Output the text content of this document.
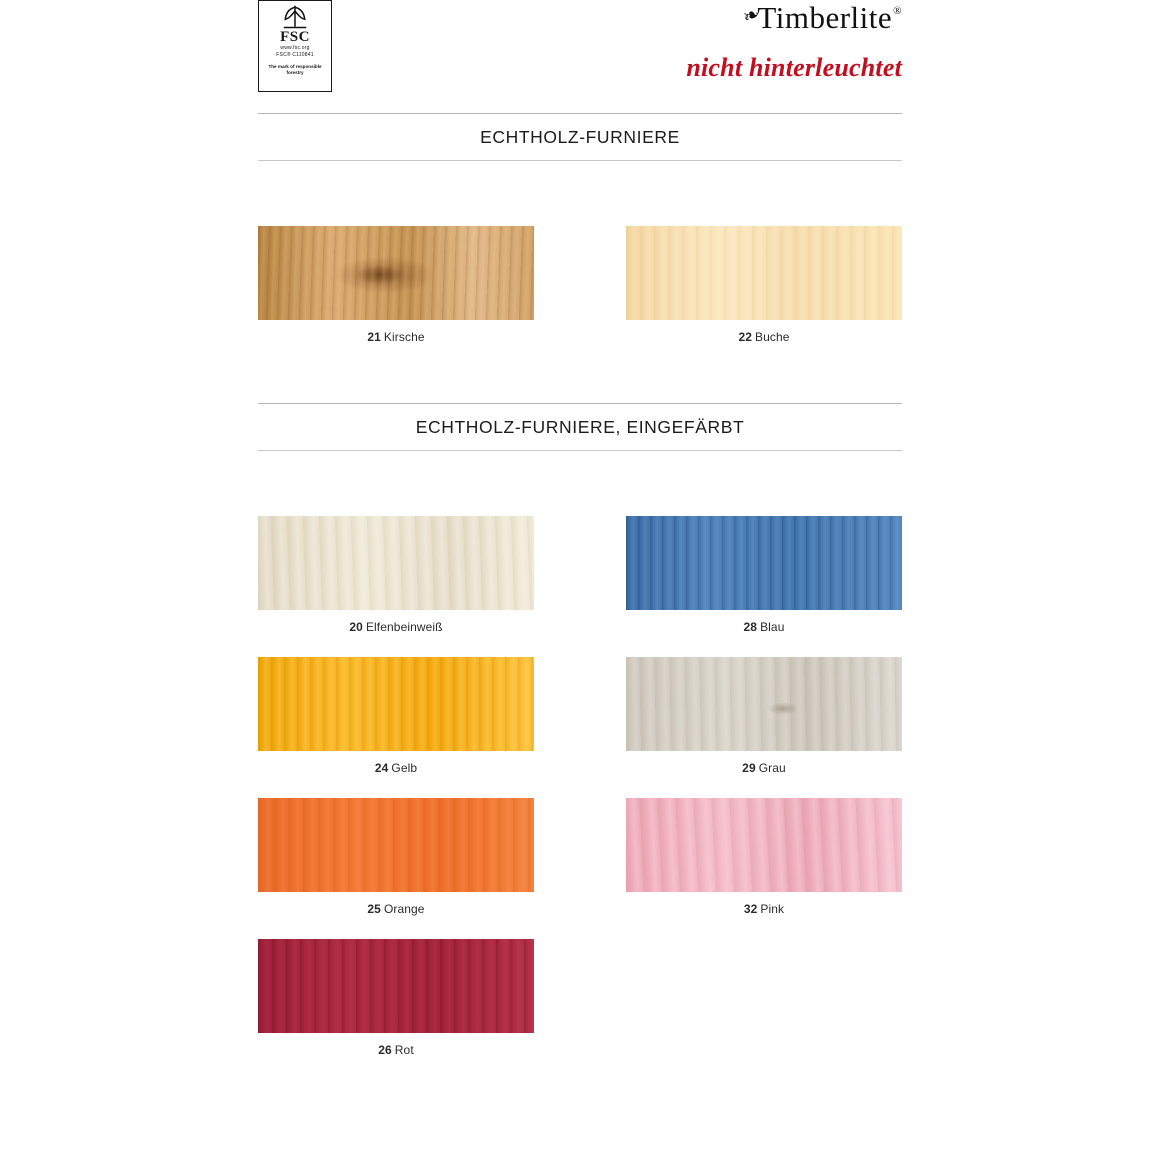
FSC
www.fsc.org
FSC® C110841
The mark of responsible forestry
❧Timberlite®
nicht hinterleuchtet
ECHTHOLZ-FURNIERE
21 Kirsche	22 Buche
ECHTHOLZ-FURNIERE, EINGEFÄRBT
20 Elfenbeinweiß	28 Blau
24 Gelb	29 Grau
25 Orange	32 Pink
26 Rot
